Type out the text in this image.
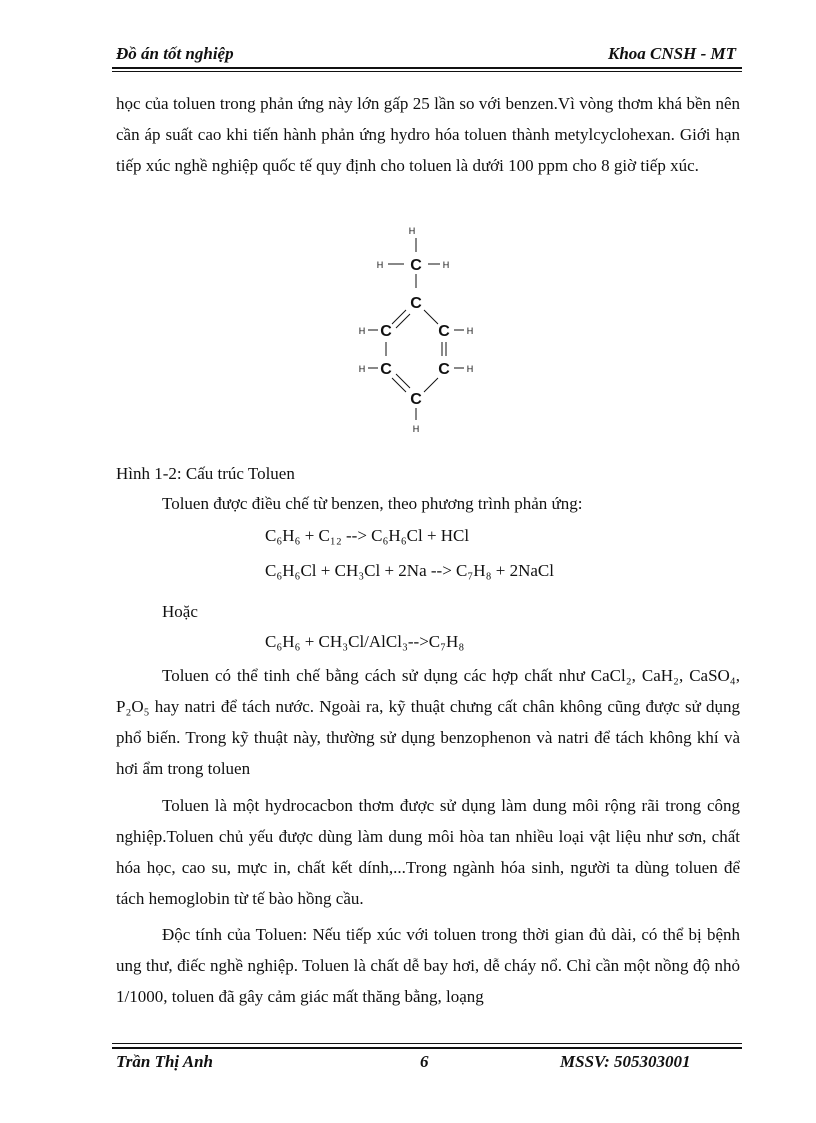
Đồ án tốt nghiệp	Khoa CNSH - MT

học của toluen trong phản ứng này lớn gấp 25 lần so với benzen.Vì vòng thơm khá bền nên cần áp suất cao khi tiến hành phản ứng hydro hóa toluen thành metylcyclohexan. Giới hạn tiếp xúc nghề nghiệp quốc tế quy định cho toluen là dưới 100 ppm cho 8 giờ tiếp xúc.

H
H C H
C
H C	C H
H C	C H
C
H
Hình 1-2: Cấu trúc Toluen

Toluen được điều chế từ benzen, theo phương trình phản ứng:

C₆H₆ + C₁₂ --> C₆H₆Cl + HCl
C₆H₆Cl + CH₃Cl + 2Na --> C₇H₈ + 2NaCl

Hoặc

C₆H₆ + CH₃Cl/AlCl₃-->C₇H₈

Toluen có thể tinh chế bằng cách sử dụng các hợp chất như CaCl₂, CaH₂, CaSO₄, P₂O₅ hay natri để tách nước. Ngoài ra, kỹ thuật chưng cất chân không cũng được sử dụng phổ biến. Trong kỹ thuật này, thường sử dụng benzophenon và natri để tách không khí và hơi ẩm trong toluen

Toluen là một hydrocacbon thơm được sử dụng làm dung môi rộng rãi trong công nghiệp.Toluen chủ yếu được dùng làm dung môi hòa tan nhiều loại vật liệu như sơn, chất hóa học, cao su, mực in, chất kết dính,...Trong ngành hóa sinh, người ta dùng toluen để tách hemoglobin từ tế bào hồng cầu.

Độc tính của Toluen: Nếu tiếp xúc với toluen trong thời gian đủ dài, có thể bị bệnh ung thư, điếc nghề nghiệp. Toluen là chất dễ bay hơi, dễ cháy nổ. Chỉ cần một nồng độ nhỏ 1/1000, toluen đã gây cảm giác mất thăng bằng, loạng

Trần Thị Anh	6	MSSV: 505303001
